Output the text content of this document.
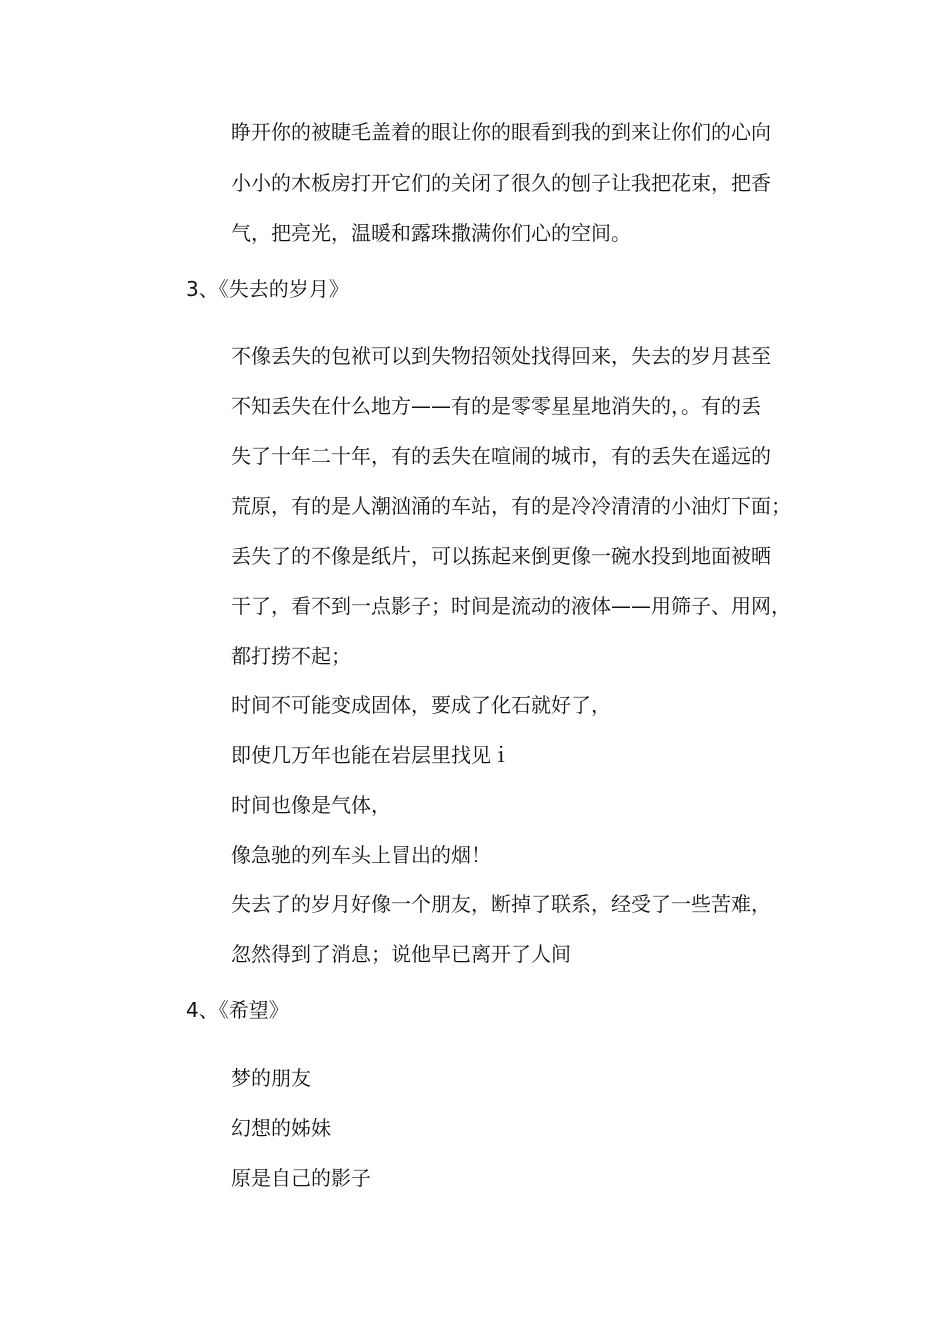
睁开你的被睫毛盖着的眼让你的眼看到我的到来让你们的心向

小小的木板房打开它们的关闭了很久的刨子让我把花束，把香

气，把亮光，温暖和露珠撒满你们心的空间。

3、《失去的岁月》

不像丢失的包袱可以到失物招领处找得回来，失去的岁月甚至

不知丢失在什么地方——有的是零零星星地消失的，。有的丢

失了十年二十年，有的丢失在喧闹的城市，有的丢失在遥远的

荒原，有的是人潮汹涌的车站，有的是冷冷清清的小油灯下面；

丢失了的不像是纸片，可以拣起来倒更像一碗水投到地面被晒

干了，看不到一点影子；时间是流动的液体——用筛子、用网，

都打捞不起；

时间不可能变成固体，要成了化石就好了，

即使几万年也能在岩层里找见ｉ

时间也像是气体，

像急驰的列车头上冒出的烟！

失去了的岁月好像一个朋友，断掉了联系，经受了一些苦难，

忽然得到了消息；说他早已离开了人间

4、《希望》

梦的朋友

幻想的姊妹

原是自己的影子
